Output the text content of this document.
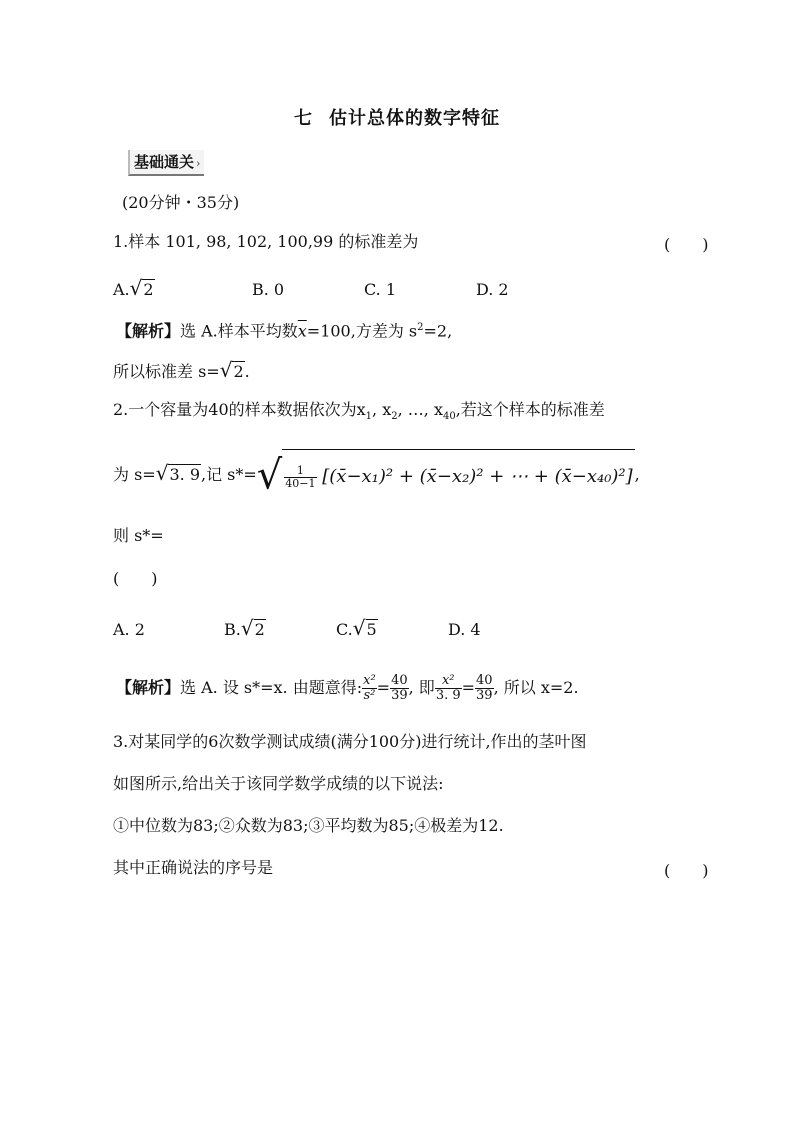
七 估计总体的数字特征
基础通关 ›
(20分钟・35分)
1.样本 101, 98, 102, 100,99 的标准差为	(　　)
A.√2	B. 0	C. 1	D. 2
【解析】选 A.样本平均数$\overline{x}=100$,方差为 $s^2=2$,
所以标准差 s=√2.
2.一个容量为40的样本数据依次为$x_1$, $x_2$, …, $x_{40}$,若这个样本的标准差
为 s=√3. 9,记 $s*=√ \frac{1}{40-1}$ [(x̄−x₁)² + (x̄−x₂)² + ⋯ + (x̄−x₄₀)²] ,
则 s*=
(　　)
A. 2	B.√2	C.√5	D. 4
【解析】选 A. 设 s*=x. 由题意得: $\frac{\text{x²}}{\text{s²}} = \frac{40}{39}$ , 即 $\frac{\text{x²}}{3. 9} = \frac{40}{39}$ , 所以 x=2.
3.对某同学的6次数学测试成绩(满分100分)进行统计,作出的茎叶图
如图所示,给出关于该同学数学成绩的以下说法:
①中位数为83;②众数为83;③平均数为85;④极差为12.
其中正确说法的序号是	(　　)
